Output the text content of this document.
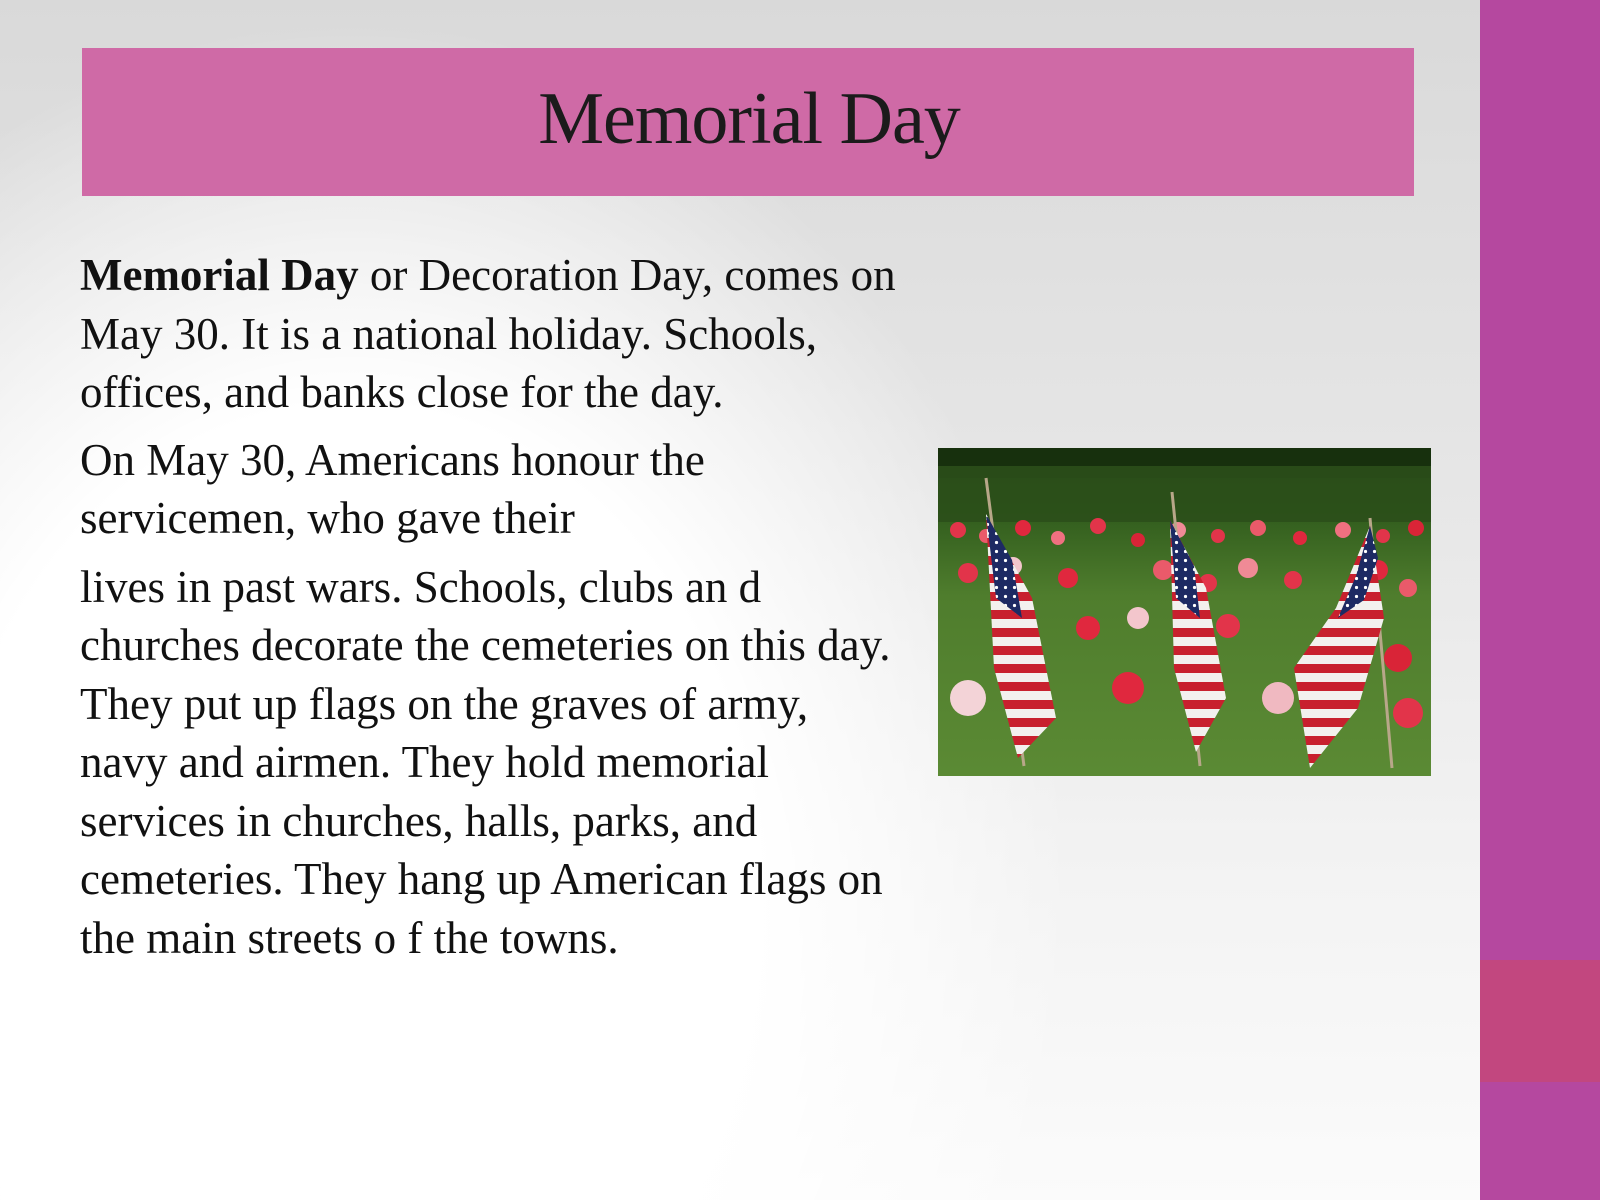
Memorial Day

Memorial Day or Decoration Day, comes on May 30. It is a national holiday. Schools, offices, and banks close for the day.

On May 30, Americans honour the servicemen, who gave their

lives in past wars. Schools, clubs an d churches decorate the cemeteries on this day. They put up flags on the graves of army, navy and airmen. They hold memorial services in churches, halls, parks, and cemeteries. They hang up American flags on the main streets o f the towns.
